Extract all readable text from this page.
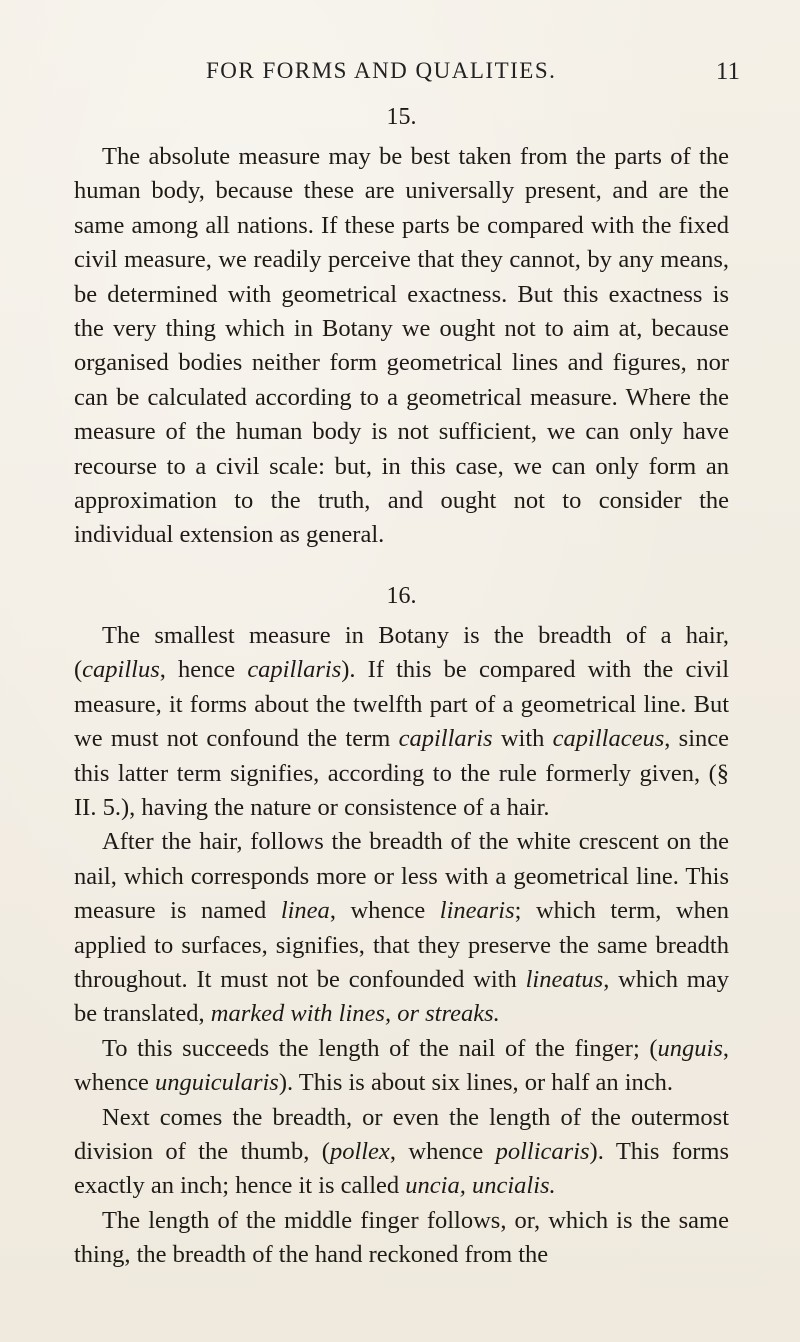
FOR FORMS AND QUALITIES.	11
15.

The absolute measure may be best taken from the parts of the human body, because these are universally present, and are the same among all nations. If these parts be compared with the fixed civil measure, we readily perceive that they cannot, by any means, be determined with geometrical exactness. But this exactness is the very thing which in Botany we ought not to aim at, because organised bodies neither form geometrical lines and figures, nor can be calculated according to a geometrical measure. Where the measure of the human body is not sufficient, we can only have recourse to a civil scale: but, in this case, we can only form an approximation to the truth, and ought not to consider the individual extension as general.

16.

The smallest measure in Botany is the breadth of a hair, (capillus, hence capillaris). If this be compared with the civil measure, it forms about the twelfth part of a geometrical line. But we must not confound the term capillaris with capillaceus, since this latter term signifies, according to the rule formerly given, (§ II. 5.), having the nature or consistence of a hair.

After the hair, follows the breadth of the white crescent on the nail, which corresponds more or less with a geometrical line. This measure is named linea, whence linearis; which term, when applied to surfaces, signifies, that they preserve the same breadth throughout. It must not be confounded with lineatus, which may be translated, marked with lines, or streaks.

To this succeeds the length of the nail of the finger; (unguis, whence unguicularis). This is about six lines, or half an inch.

Next comes the breadth, or even the length of the outermost division of the thumb, (pollex, whence pollicaris). This forms exactly an inch; hence it is called uncia, uncialis.

The length of the middle finger follows, or, which is the same thing, the breadth of the hand reckoned from the
